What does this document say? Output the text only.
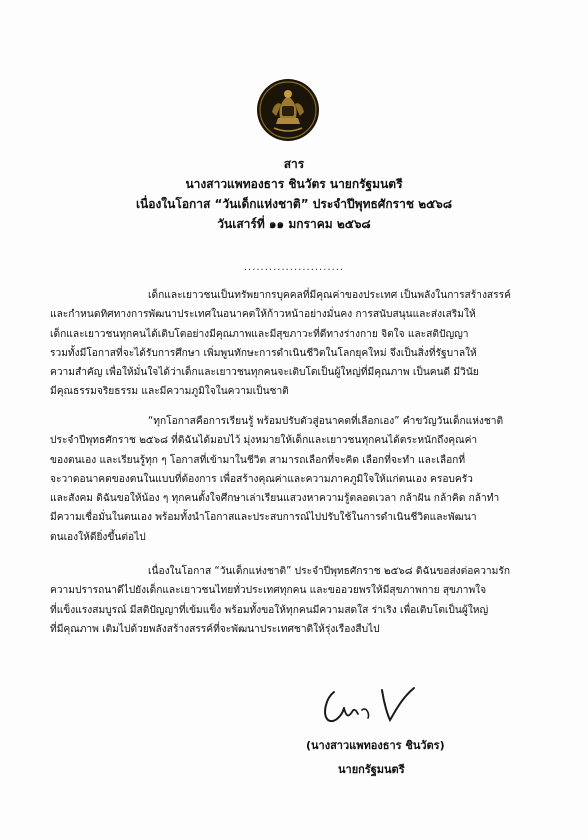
สาร
นางสาวแพทองธาร ชินวัตร นายกรัฐมนตรี
เนื่องในโอกาส “วันเด็กแห่งชาติ” ประจำปีพุทธศักราช ๒๕๖๘
วันเสาร์ที่ ๑๑ มกราคม ๒๕๖๘
........................
เด็กและเยาวชนเป็นทรัพยากรบุคคลที่มีคุณค่าของประเทศ เป็นพลังในการสร้างสรรค์
และกำหนดทิศทางการพัฒนาประเทศในอนาคตให้ก้าวหน้าอย่างมั่นคง การสนับสนุนและส่งเสริมให้
เด็กและเยาวชนทุกคนได้เติบโตอย่างมีคุณภาพและมีสุขภาวะที่ดีทางร่างกาย จิตใจ และสติปัญญา
รวมทั้งมีโอกาสที่จะได้รับการศึกษา เพิ่มพูนทักษะการดำเนินชีวิตในโลกยุคใหม่ จึงเป็นสิ่งที่รัฐบาลให้
ความสำคัญ เพื่อให้มั่นใจได้ว่าเด็กและเยาวชนทุกคนจะเติบโตเป็นผู้ใหญ่ที่มีคุณภาพ เป็นคนดี มีวินัย
มีคุณธรรมจริยธรรม และมีความภูมิใจในความเป็นชาติ
“ทุกโอกาสคือการเรียนรู้ พร้อมปรับตัวสู่อนาคตที่เลือกเอง” คำขวัญวันเด็กแห่งชาติ
ประจำปีพุทธศักราช ๒๕๖๘ ที่ดิฉันได้มอบไว้ มุ่งหมายให้เด็กและเยาวชนทุกคนได้ตระหนักถึงคุณค่า
ของตนเอง และเรียนรู้ทุก ๆ โอกาสที่เข้ามาในชีวิต สามารถเลือกที่จะคิด เลือกที่จะทำ และเลือกที่
จะวาดอนาคตของตนในแบบที่ต้องการ เพื่อสร้างคุณค่าและความภาคภูมิใจให้แก่ตนเอง ครอบครัว
และสังคม ดิฉันขอให้น้อง ๆ ทุกคนตั้งใจศึกษาเล่าเรียนแสวงหาความรู้ตลอดเวลา กล้าฝัน กล้าคิด กล้าทำ
มีความเชื่อมั่นในตนเอง พร้อมทั้งนำโอกาสและประสบการณ์ไปปรับใช้ในการดำเนินชีวิตและพัฒนา
ตนเองให้ดียิ่งขึ้นต่อไป
เนื่องในโอกาส “วันเด็กแห่งชาติ” ประจำปีพุทธศักราช ๒๕๖๘ ดิฉันขอส่งต่อความรัก
ความปรารถนาดีไปยังเด็กและเยาวชนไทยทั่วประเทศทุกคน และขออวยพรให้มีสุขภาพกาย สุขภาพใจ
ที่แข็งแรงสมบูรณ์ มีสติปัญญาที่เข้มแข็ง พร้อมทั้งขอให้ทุกคนมีความสดใส ร่าเริง เพื่อเติบโตเป็นผู้ใหญ่
ที่มีคุณภาพ เติมไปด้วยพลังสร้างสรรค์ที่จะพัฒนาประเทศชาติให้รุ่งเรืองสืบไป
(นางสาวแพทองธาร ชินวัตร)
นายกรัฐมนตรี
